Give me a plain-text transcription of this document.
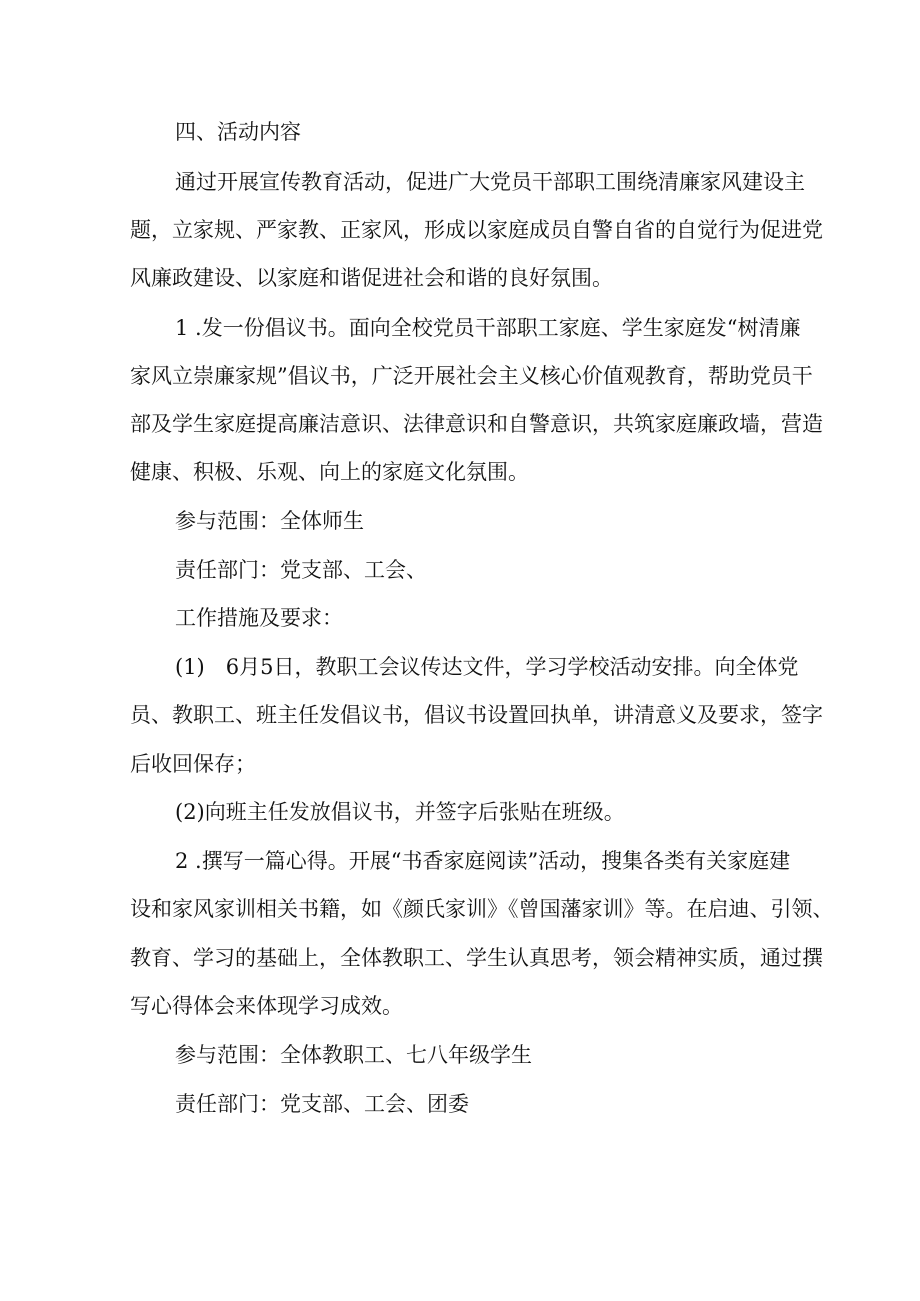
四、活动内容
通过开展宣传教育活动，促进广大党员干部职工围绕清廉家风建设主
题，立家规、严家教、正家风，形成以家庭成员自警自省的自觉行为促进党
风廉政建设、以家庭和谐促进社会和谐的良好氛围。
1 .发一份倡议书。面向全校党员干部职工家庭、学生家庭发“树清廉
家风立崇廉家规”倡议书，广泛开展社会主义核心价值观教育，帮助党员干
部及学生家庭提高廉洁意识、法律意识和自警意识，共筑家庭廉政墙，营造
健康、积极、乐观、向上的家庭文化氛围。
参与范围：全体师生
责任部门：党支部、工会、
工作措施及要求：
(1)　6月5日，教职工会议传达文件，学习学校活动安排。向全体党
员、教职工、班主任发倡议书，倡议书设置回执单，讲清意义及要求，签字
后收回保存；
(2)向班主任发放倡议书，并签字后张贴在班级。
2 .撰写一篇心得。开展“书香家庭阅读”活动，搜集各类有关家庭建
设和家风家训相关书籍，如《颜氏家训》《曾国藩家训》等。在启迪、引领、
教育、学习的基础上，全体教职工、学生认真思考，领会精神实质，通过撰
写心得体会来体现学习成效。
参与范围：全体教职工、七八年级学生
责任部门：党支部、工会、团委
